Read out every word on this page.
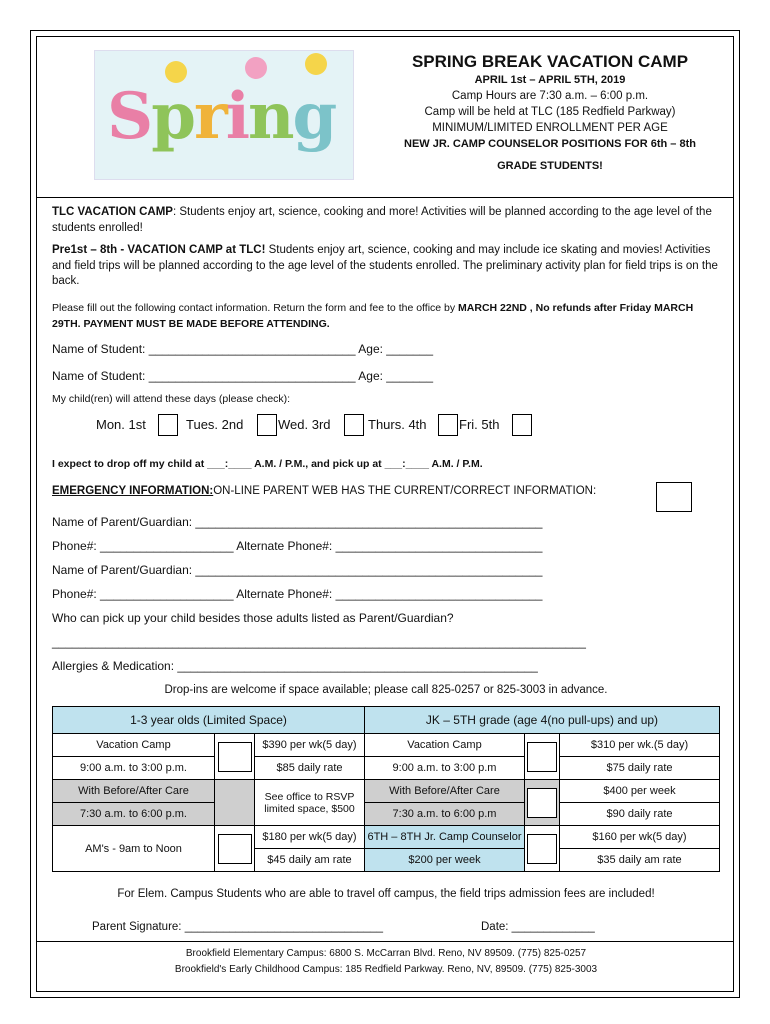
Spring
SPRING BREAK VACATION CAMP
APRIL 1st – APRIL 5TH, 2019
Camp Hours are 7:30 a.m. – 6:00 p.m.
Camp will be held at TLC (185 Redfield Parkway)
MINIMUM/LIMITED ENROLLMENT PER AGE
NEW JR. CAMP COUNSELOR POSITIONS FOR 6th – 8th
GRADE STUDENTS!
TLC VACATION CAMP: Students enjoy art, science, cooking and more! Activities will be planned according to the age level of the students enrolled!
Pre1st – 8th - VACATION CAMP at TLC! Students enjoy art, science, cooking and may include ice skating and movies! Activities and field trips will be planned according to the age level of the students enrolled. The preliminary activity plan for field trips is on the back.
Please fill out the following contact information. Return the form and fee to the office by MARCH 22ND , No refunds after Friday MARCH 29TH. PAYMENT MUST BE MADE BEFORE ATTENDING.
Name of Student: _______________________________ Age: _______
Name of Student: _______________________________ Age: _______
My child(ren) will attend these days (please check):
Mon. 1st	Tues. 2nd	Wed. 3rd	Thurs. 4th Fri. 5th
I expect to drop off my child at ___:____ A.M. / P.M., and pick up at ___:____ A.M. / P.M.
EMERGENCY INFORMATION:ON-LINE PARENT WEB HAS THE CURRENT/CORRECT INFORMATION:
Name of Parent/Guardian: ____________________________________________________
Phone#: ____________________ Alternate Phone#: _______________________________
Name of Parent/Guardian: ____________________________________________________
Phone#: ____________________ Alternate Phone#: _______________________________
Who can pick up your child besides those adults listed as Parent/Guardian?
________________________________________________________________________________
Allergies & Medication: ______________________________________________________
Drop-ins are welcome if space available; please call 825-0257 or 825-3003 in advance.
1-3 year olds (Limited Space)			JK – 5TH grade (age 4(no pull-ups) and up)		
Vacation Camp		$390 per wk(5 day)	Vacation Camp		$310 per wk.(5 day)
9:00 a.m. to 3:00 p.m.		$85 daily rate	9:00 a.m. to 3:00 p.m		$75 daily rate
With Before/After Care		See office to RSVP limited space, $500	With Before/After Care		$400 per week
7:30 a.m. to 6:00 p.m.			7:30 a.m. to 6:00 p.m		$90 daily rate
AM's - 9am to Noon		$180 per wk(5 day)	6TH – 8TH Jr. Camp Counselor		$160 per wk(5 day)
		$45 daily am rate	$200 per week		$35 daily am rate
For Elem. Campus Students who are able to travel off campus, the field trips admission fees are included!
Parent Signature: _______________________________	Date: _____________
Brookfield Elementary Campus: 6800 S. McCarran Blvd. Reno, NV 89509. (775) 825-0257
Brookfield's Early Childhood Campus: 185 Redfield Parkway. Reno, NV, 89509. (775) 825-3003
